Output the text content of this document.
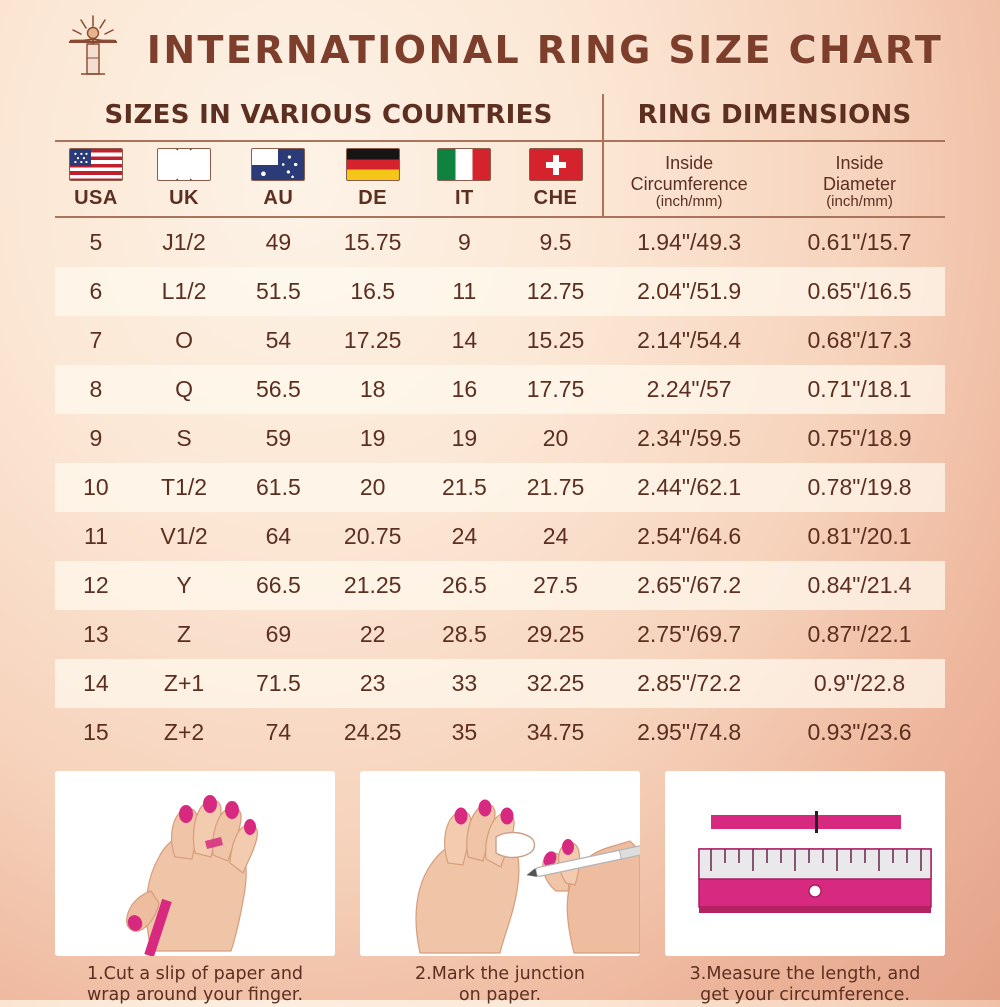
INTERNATIONAL RING SIZE CHART
SIZES IN VARIOUS COUNTRIES						RING DIMENSIONS	

Inside
Circumference
(inch/mm)

Inside
Diameter
(inch/mm)

USA	UK	AU	DE	IT	CHE		
5	J1/2	49	15.75	9	9.5	1.94"/49.3	0.61"/15.7
6	L1/2	51.5	16.5	11	12.75	2.04"/51.9	0.65"/16.5
7	O	54	17.25	14	15.25	2.14"/54.4	0.68"/17.3
8	Q	56.5	18	16	17.75	2.24"/57	0.71"/18.1
9	S	59	19	19	20	2.34"/59.5	0.75"/18.9
10	T1/2	61.5	20	21.5	21.75	2.44"/62.1	0.78"/19.8
11	V1/2	64	20.75	24	24	2.54"/64.6	0.81"/20.1
12	Y	66.5	21.25	26.5	27.5	2.65"/67.2	0.84"/21.4
13	Z	69	22	28.5	29.25	2.75"/69.7	0.87"/22.1
14	Z+1	71.5	23	33	32.25	2.85"/72.2	0.9"/22.8
15	Z+2	74	24.25	35	34.75	2.95"/74.8	0.93"/23.6
1.Cut a slip of paper and
wrap around your finger.
2.Mark the junction
on paper.
3.Measure the length, and
get your circumference.
